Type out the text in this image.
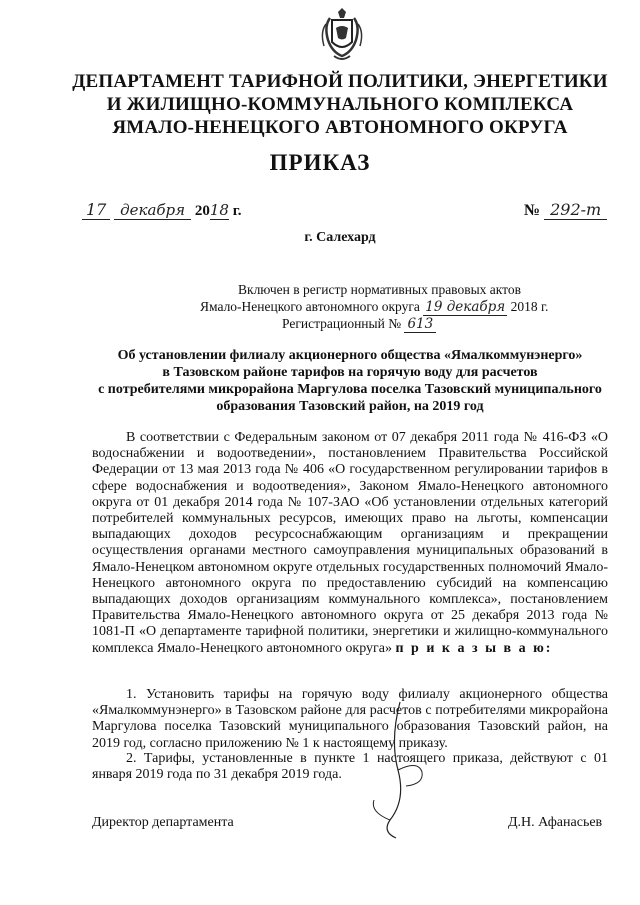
ДЕПАРТАМЕНТ ТАРИФНОЙ ПОЛИТИКИ, ЭНЕРГЕТИКИ
И ЖИЛИЩНО-КОММУНАЛЬНОГО КОМПЛЕКСА
ЯМАЛО-НЕНЕЦКОГО АВТОНОМНОГО ОКРУГА
ПРИКАЗ
17 декабря 2018 г.	№ 292-т
г. Салехард
Включен в регистр нормативных правовых актов
Ямало-Ненецкого автономного округа 19 декабря 2018 г.
Регистрационный № 613
Об установлении филиалу акционерного общества «Ямалкоммунэнерго»
в Тазовском районе тарифов на горячую воду для расчетов
с потребителями микрорайона Маргулова поселка Тазовский муниципального
образования Тазовский район, на 2019 год
В соответствии с Федеральным законом от 07 декабря 2011 года № 416-ФЗ «О водоснабжении и водоотведении», постановлением Правительства Российской Федерации от 13 мая 2013 года № 406 «О государственном регулировании тарифов в сфере водоснабжения и водоотведения», Законом Ямало-Ненецкого автономного округа от 01 декабря 2014 года № 107-ЗАО «Об установлении отдельных категорий потребителей коммунальных ресурсов, имеющих право на льготы, компенсации выпадающих доходов ресурсоснабжающим организациям и прекращении осуществления органами местного самоуправления муниципальных образований в Ямало-Ненецком автономном округе отдельных государственных полномочий Ямало-Ненецкого автономного округа по предоставлению субсидий на компенсацию выпадающих доходов организациям коммунального комплекса», постановлением Правительства Ямало-Ненецкого автономного округа от 25 декабря 2013 года № 1081-П «О департаменте тарифной политики, энергетики и жилищно-коммунального комплекса Ямало-Ненецкого автономного округа» п р и к а з ы в а ю:
1. Установить тарифы на горячую воду филиалу акционерного общества «Ямалкоммунэнерго» в Тазовском районе для расчетов с потребителями микрорайона Маргулова поселка Тазовский муниципального образования Тазовский район, на 2019 год, согласно приложению № 1 к настоящему приказу.
2. Тарифы, установленные в пункте 1 настоящего приказа, действуют с 01 января 2019 года по 31 декабря 2019 года.
Директор департамента	Д.Н. Афанасьев
